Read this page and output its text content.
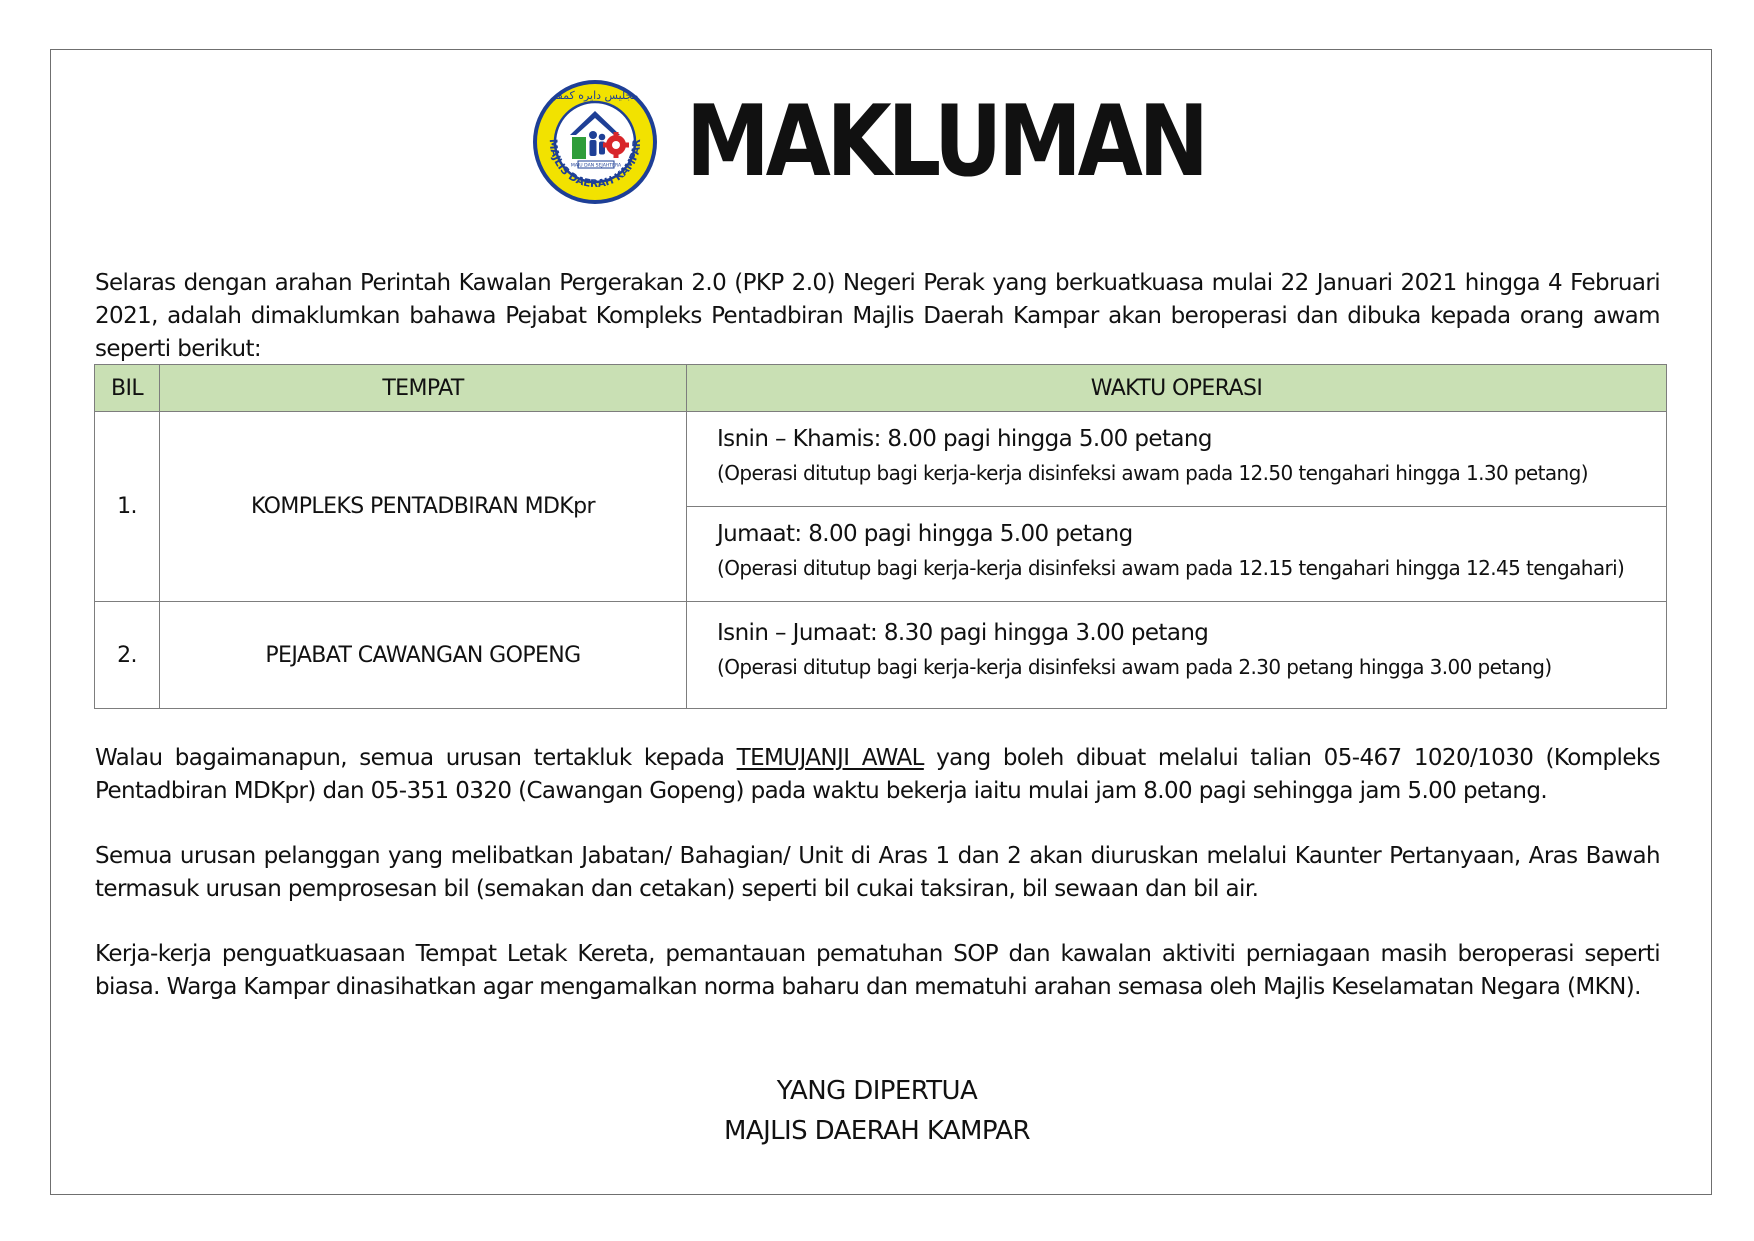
مجليس دايره كمڤر
MAJU DAN SEJAHTERA
MAJLIS DAERAH KAMPAR MAKLUMAN

Selaras dengan arahan Perintah Kawalan Pergerakan 2.0 (PKP 2.0) Negeri Perak yang berkuatkuasa mulai 22 Januari 2021 hingga 4 Februari 2021, adalah dimaklumkan bahawa Pejabat Kompleks Pentadbiran Majlis Daerah Kampar akan beroperasi dan dibuka kepada orang awam seperti berikut:

BIL	TEMPAT	WAKTU OPERASI
1.	KOMPLEKS PENTADBIRAN MDKpr	Isnin – Khamis: 8.00 pagi hingga 5.00 petang
(Operasi ditutup bagi kerja-kerja disinfeksi awam pada 12.50 tengahari hingga 1.30 petang)

		Jumaat: 8.00 pagi hingga 5.00 petang
(Operasi ditutup bagi kerja-kerja disinfeksi awam pada 12.15 tengahari hingga 12.45 tengahari)

2.	PEJABAT CAWANGAN GOPENG	Isnin – Jumaat: 8.30 pagi hingga 3.00 petang
(Operasi ditutup bagi kerja-kerja disinfeksi awam pada 2.30 petang hingga 3.00 petang)

Walau bagaimanapun, semua urusan tertakluk kepada TEMUJANJI AWAL yang boleh dibuat melalui talian 05-467 1020/1030 (Kompleks Pentadbiran MDKpr) dan 05-351 0320 (Cawangan Gopeng) pada waktu bekerja iaitu mulai jam 8.00 pagi sehingga jam 5.00 petang.

Semua urusan pelanggan yang melibatkan Jabatan/ Bahagian/ Unit di Aras 1 dan 2 akan diuruskan melalui Kaunter Pertanyaan, Aras Bawah termasuk urusan pemprosesan bil (semakan dan cetakan) seperti bil cukai taksiran, bil sewaan dan bil air.

Kerja-kerja penguatkuasaan Tempat Letak Kereta, pemantauan pematuhan SOP dan kawalan aktiviti perniagaan masih beroperasi seperti biasa. Warga Kampar dinasihatkan agar mengamalkan norma baharu dan mematuhi arahan semasa oleh Majlis Keselamatan Negara (MKN).

YANG DIPERTUA
MAJLIS DAERAH KAMPAR
